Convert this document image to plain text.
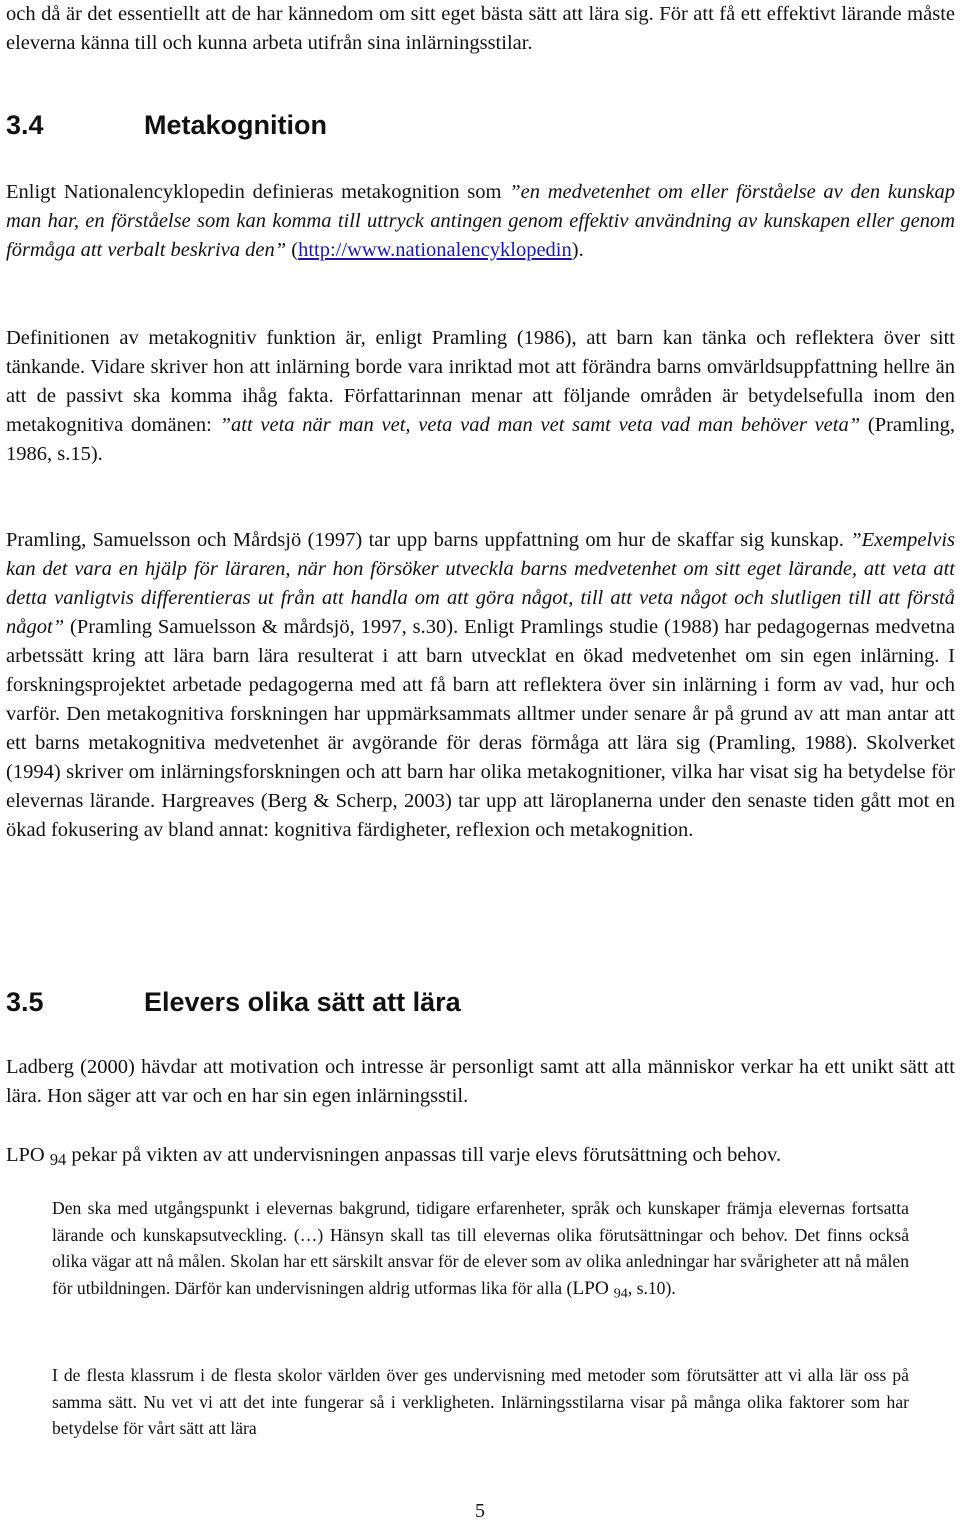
och då är det essentiellt att de har kännedom om sitt eget bästa sätt att lära sig. För att få ett effektivt lärande måste eleverna känna till och kunna arbeta utifrån sina inlärningsstilar.

3.4	Metakognition

Enligt Nationalencyklopedin definieras metakognition som ”en medvetenhet om eller förståelse av den kunskap man har, en förståelse som kan komma till uttryck antingen genom effektiv användning av kunskapen eller genom förmåga att verbalt beskriva den” (http://www.nationalencyklopedin).

Definitionen av metakognitiv funktion är, enligt Pramling (1986), att barn kan tänka och reflektera över sitt tänkande. Vidare skriver hon att inlärning borde vara inriktad mot att förändra barns omvärldsuppfattning hellre än att de passivt ska komma ihåg fakta. Författarinnan menar att följande områden är betydelsefulla inom den metakognitiva domänen: ”att veta när man vet, veta vad man vet samt veta vad man behöver veta” (Pramling, 1986, s.15).

Pramling, Samuelsson och Mårdsjö (1997) tar upp barns uppfattning om hur de skaffar sig kunskap. ”Exempelvis kan det vara en hjälp för läraren, när hon försöker utveckla barns medvetenhet om sitt eget lärande, att veta att detta vanligtvis differentieras ut från att handla om att göra något, till att veta något och slutligen till att förstå något” (Pramling Samuelsson & mårdsjö, 1997, s.30). Enligt Pramlings studie (1988) har pedagogernas medvetna arbetssätt kring att lära barn lära resulterat i att barn utvecklat en ökad medvetenhet om sin egen inlärning. I forskningsprojektet arbetade pedagogerna med att få barn att reflektera över sin inlärning i form av vad, hur och varför. Den metakognitiva forskningen har uppmärksammats alltmer under senare år på grund av att man antar att ett barns metakognitiva medvetenhet är avgörande för deras förmåga att lära sig (Pramling, 1988). Skolverket (1994) skriver om inlärningsforskningen och att barn har olika metakognitioner, vilka har visat sig ha betydelse för elevernas lärande. Hargreaves (Berg & Scherp, 2003) tar upp att läroplanerna under den senaste tiden gått mot en ökad fokusering av bland annat: kognitiva färdigheter, reflexion och metakognition.

3.5	Elevers olika sätt att lära

Ladberg (2000) hävdar att motivation och intresse är personligt samt att alla människor verkar ha ett unikt sätt att lära. Hon säger att var och en har sin egen inlärningsstil.

LPO $_{94}$ pekar på vikten av att undervisningen anpassas till varje elevs förutsättning och behov.

Den ska med utgångspunkt i elevernas bakgrund, tidigare erfarenheter, språk och kunskaper främja elevernas fortsatta lärande och kunskapsutveckling. (…) Hänsyn skall tas till elevernas olika förutsättningar och behov. Det finns också olika vägar att nå målen. Skolan har ett särskilt ansvar för de elever som av olika anledningar har svårigheter att nå målen för utbildningen. Därför kan undervisningen aldrig utformas lika för alla (LPO $_{94}$, s.10).

I de flesta klassrum i de flesta skolor världen över ges undervisning med metoder som förutsätter att vi alla lär oss på samma sätt. Nu vet vi att det inte fungerar så i verkligheten. Inlärningsstilarna visar på många olika faktorer som har betydelse för vårt sätt att lära

5
